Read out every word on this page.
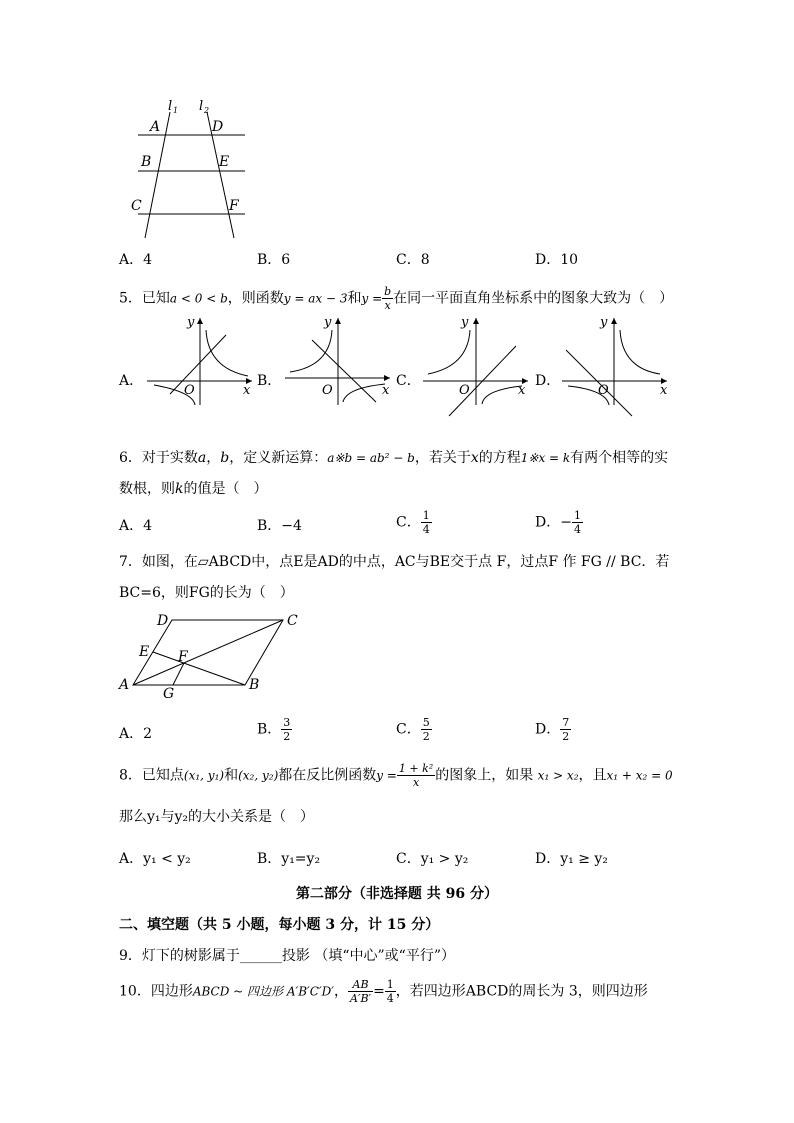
l 1 l 2
A	D
B	E
C	F
A．4	B．6	C．8	D．10
5．已知a < 0 < b，则函数y = ax − 3和$y = \frac{b}{x}$ 在同一平面直角坐标系中的图象大致为（　）
x
y
O	x
y
O	x
y
O	x
y
O
A．	B．	C．	D．
6．对于实数a，b，定义新运算：a※b = ab² − b，若关于x的方程1※x = k有两个相等的实
数根，则k的值是（　）
A．4	B．−4	C． $\frac{1}{4}$	D．− $\frac{1}{4}$
7．如图，在▱ABCD中，点E是AD的中点，AC与BE交于点 F，过点F 作 FG // BC．若
BC=6，则FG的长为（　）
D	C
E F
A
G
B
A．2	B． $\frac{3}{2}$	C． $\frac{5}{2}$	D． $\frac{7}{2}$
8．已知点(x₁, y₁)和(x₂, y₂)都在反比例函数$y = \frac{\text{1 + k²}}{x}$ 的图象上，如果 x₁ > x₂，且x₁ + x₂ = 0
那么y₁与y₂的大小关系是（　）
A．y₁ < y₂	B．y₁=y₂	C．y₁ > y₂	D．y₁ ≥ y₂
第二部分（非选择题 共 96 分）
二、填空题（共 5 小题，每小题 3 分，计 15 分）
9．灯下的树影属于______投影 （填“中心”或“平行”）
10．四边形ABCD ~ 四边形 A′B′C′D′， $\frac{AB}{A'B'} = \frac{1}{4}$ ，若四边形ABCD的周长为 3，则四边形
